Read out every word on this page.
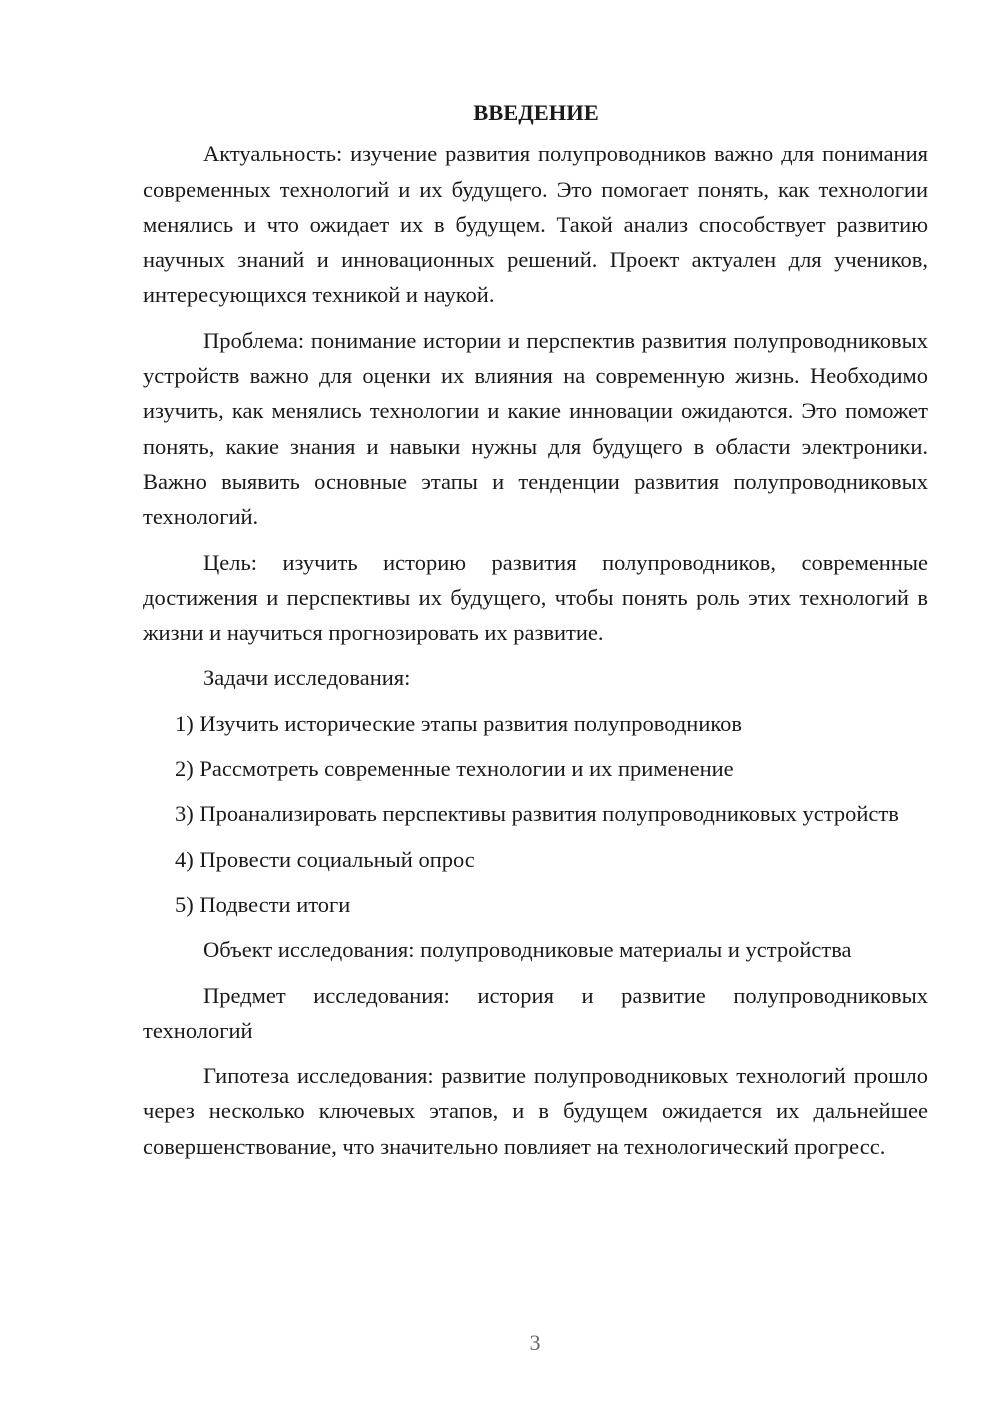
ВВЕДЕНИЕ

Актуальность: изучение развития полупроводников важно для понимания современных технологий и их будущего. Это помогает понять, как технологии менялись и что ожидает их в будущем. Такой анализ способствует развитию научных знаний и инновационных решений. Проект актуален для учеников, интересующихся техникой и наукой.

Проблема: понимание истории и перспектив развития полупроводниковых устройств важно для оценки их влияния на современную жизнь. Необходимо изучить, как менялись технологии и какие инновации ожидаются. Это поможет понять, какие знания и навыки нужны для будущего в области электроники. Важно выявить основные этапы и тенденции развития полупроводниковых технологий.

Цель: изучить историю развития полупроводников, современные достижения и перспективы их будущего, чтобы понять роль этих технологий в жизни и научиться прогнозировать их развитие.

Задачи исследования:

1) Изучить исторические этапы развития полупроводников

2) Рассмотреть современные технологии и их применение

3) Проанализировать перспективы развития полупроводниковых устройств

4) Провести социальный опрос

5) Подвести итоги

Объект исследования: полупроводниковые материалы и устройства

Предмет исследования: история и развитие полупроводниковых технологий

Гипотеза исследования: развитие полупроводниковых технологий прошло через несколько ключевых этапов, и в будущем ожидается их дальнейшее совершенствование, что значительно повлияет на технологический прогресс.

3
